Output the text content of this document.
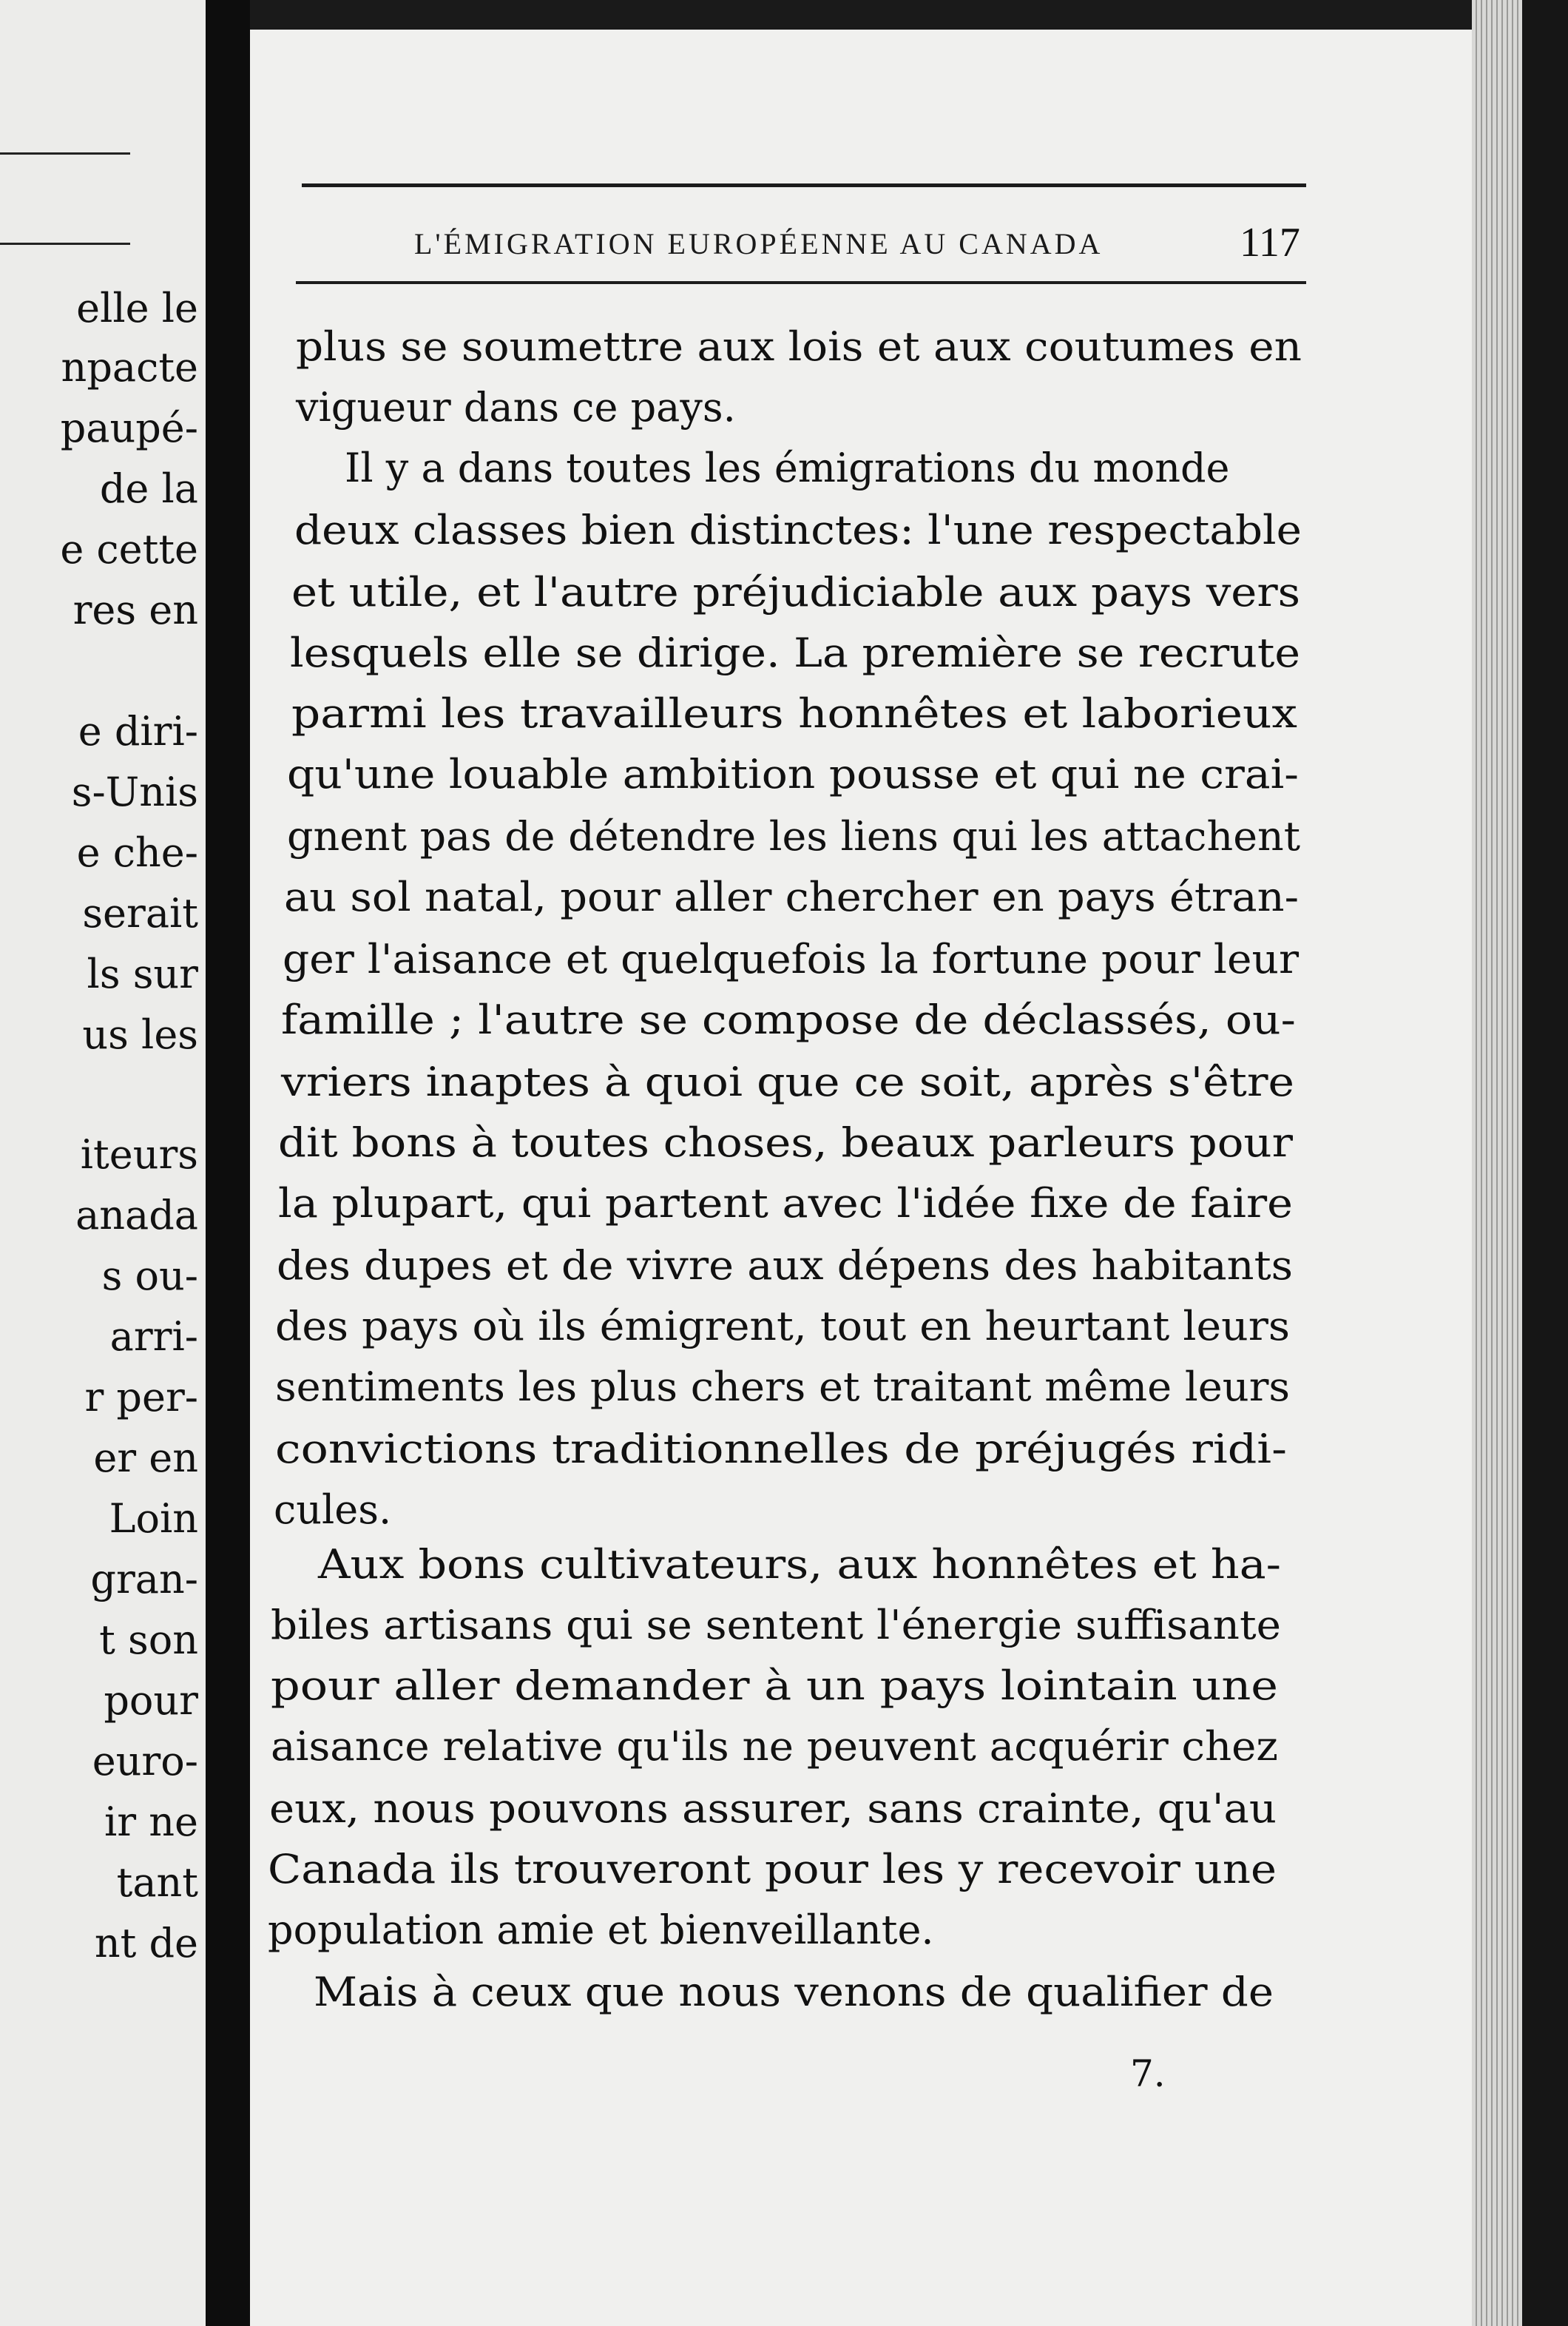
elle le
npacte
paupé-
de la
e cette
res en
e diri-
s-Unis
e che-
serait
ls sur
us les
iteurs
anada
s ou-
arri-
r per-
er en
Loin
gran-
t son
pour
euro-
ir ne
tant
nt de
L'ÉMIGRATION EUROPÉENNE AU CANADA	117
plus se soumettre aux lois et aux coutumes en
vigueur dans ce pays.
Il y a dans toutes les émigrations du monde
deux classes bien distinctes: l'une respectable
et utile, et l'autre préjudiciable aux pays vers
lesquels elle se dirige. La première se recrute
parmi les travailleurs honnêtes et laborieux
qu'une louable ambition pousse et qui ne crai-
gnent pas de détendre les liens qui les attachent
au sol natal, pour aller chercher en pays étran-
ger l'aisance et quelquefois la fortune pour leur
famille ; l'autre se compose de déclassés, ou-
vriers inaptes à quoi que ce soit, après s'être
dit bons à toutes choses, beaux parleurs pour
la plupart, qui partent avec l'idée fixe de faire
des dupes et de vivre aux dépens des habitants
des pays où ils émigrent, tout en heurtant leurs
sentiments les plus chers et traitant même leurs
convictions traditionnelles de préjugés ridi-
cules.
Aux bons cultivateurs, aux honnêtes et ha-
biles artisans qui se sentent l'énergie suffisante
pour aller demander à un pays lointain une
aisance relative qu'ils ne peuvent acquérir chez
eux, nous pouvons assurer, sans crainte, qu'au
Canada ils trouveront pour les y recevoir une
population amie et bienveillante.
Mais à ceux que nous venons de qualifier de
7.
